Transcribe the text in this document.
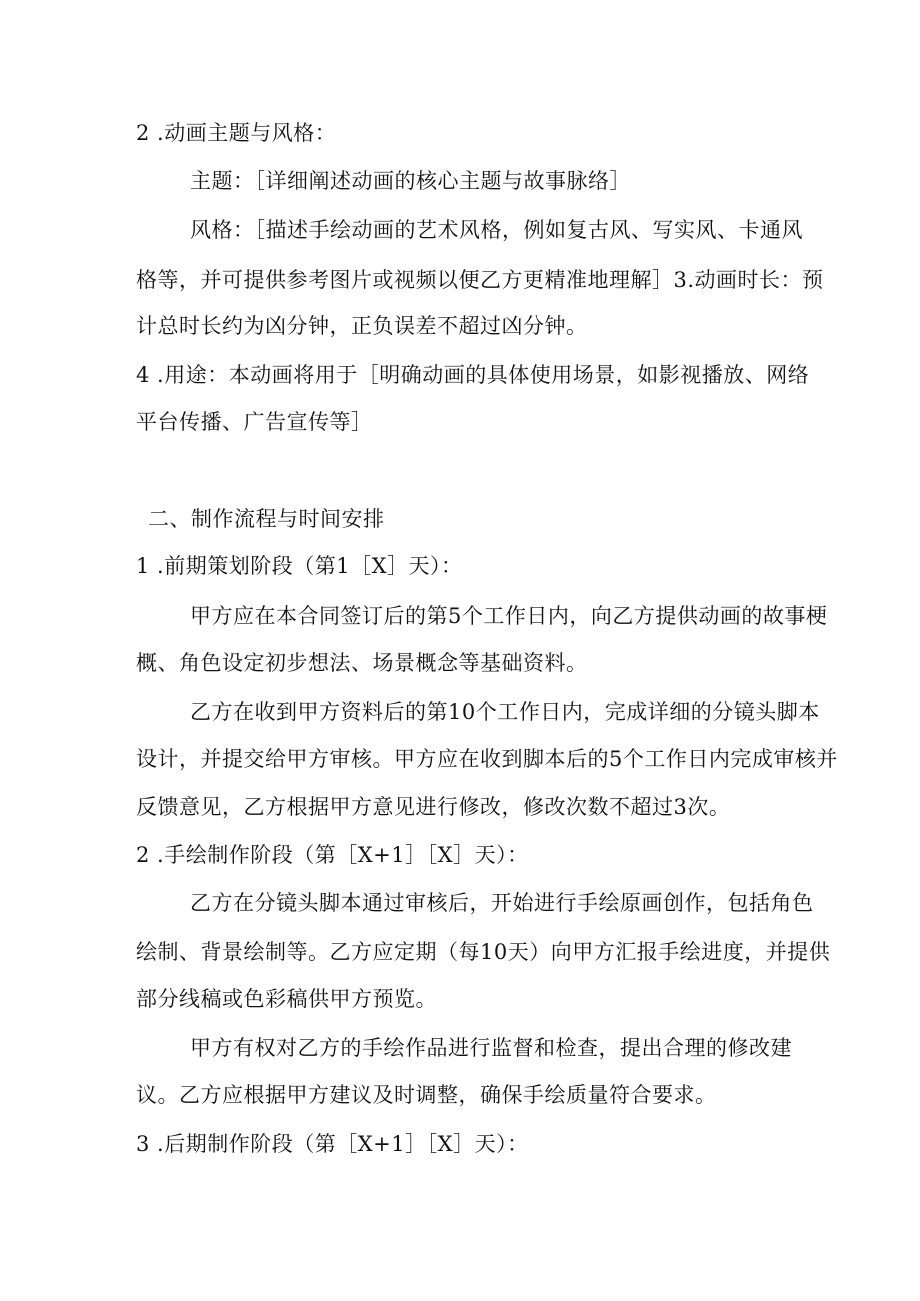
2 .动画主题与风格：
主题：［详细阐述动画的核心主题与故事脉络］
风格：［描述手绘动画的艺术风格，例如复古风、写实风、卡通风
格等，并可提供参考图片或视频以便乙方更精准地理解］3.动画时长：预
计总时长约为凶分钟，正负误差不超过凶分钟。
4 .用途：本动画将用于［明确动画的具体使用场景，如影视播放、网络
平台传播、广告宣传等］
二、制作流程与时间安排
1 .前期策划阶段（第1［X］天）：
甲方应在本合同签订后的第5个工作日内，向乙方提供动画的故事梗
概、角色设定初步想法、场景概念等基础资料。
乙方在收到甲方资料后的第10个工作日内，完成详细的分镜头脚本
设计，并提交给甲方审核。甲方应在收到脚本后的5个工作日内完成审核并
反馈意见，乙方根据甲方意见进行修改，修改次数不超过3次。
2 .手绘制作阶段（第［X+1］［X］天）：
乙方在分镜头脚本通过审核后，开始进行手绘原画创作，包括角色
绘制、背景绘制等。乙方应定期（每10天）向甲方汇报手绘进度，并提供
部分线稿或色彩稿供甲方预览。
甲方有权对乙方的手绘作品进行监督和检查，提出合理的修改建
议。乙方应根据甲方建议及时调整，确保手绘质量符合要求。
3 .后期制作阶段（第［X+1］［X］天）：
